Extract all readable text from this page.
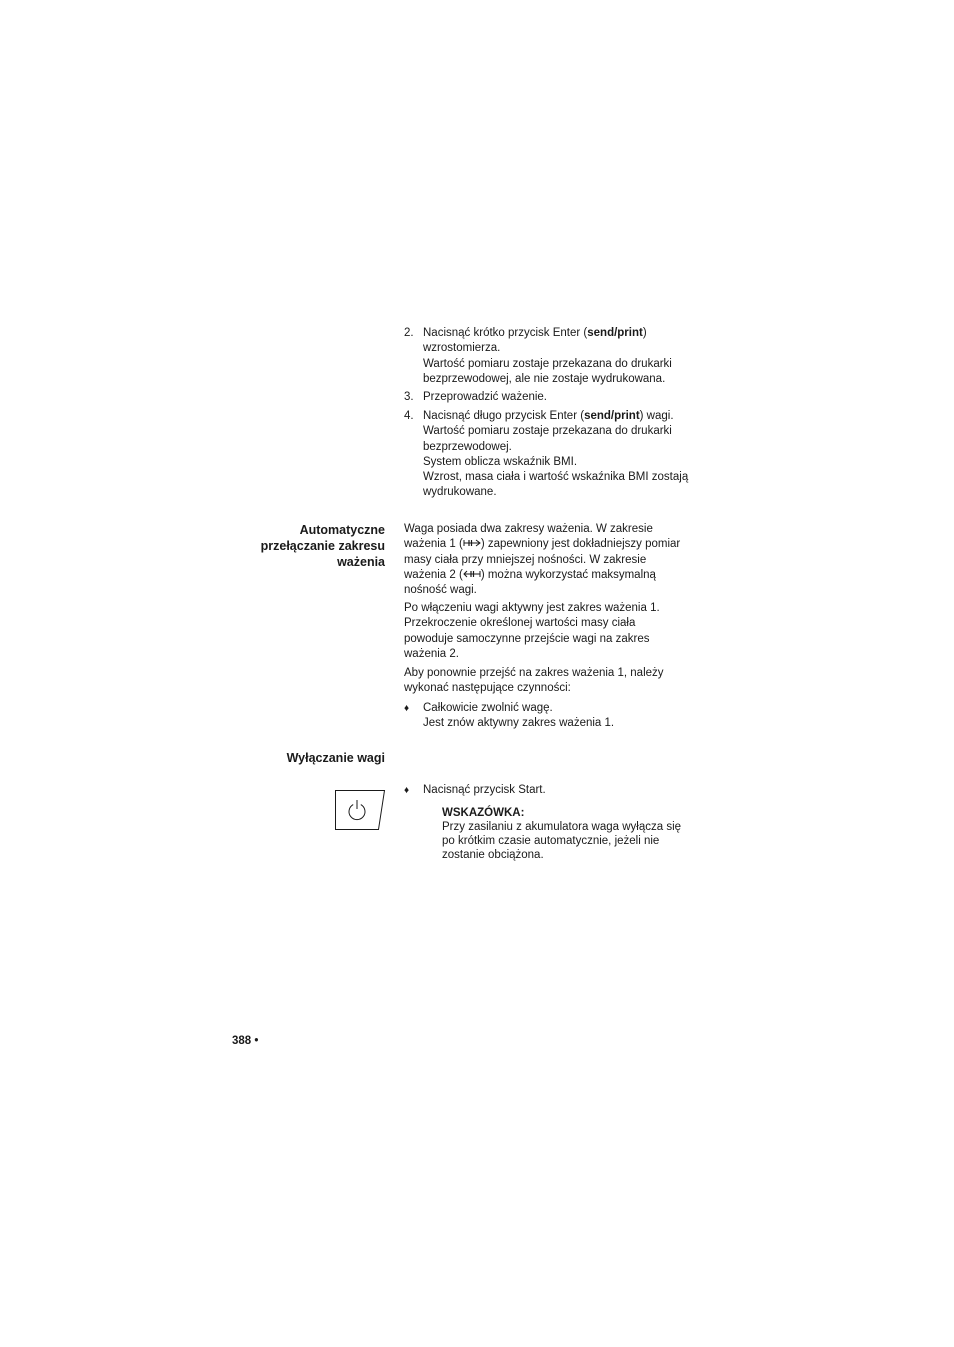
2. Nacisnąć krótko przycisk Enter (send/print)
wzrostomierza.
Wartość pomiaru zostaje przekazana do drukarki bezprzewodowej, ale nie zostaje wydrukowana.
3. Przeprowadzić ważenie.
4. Nacisnąć długo przycisk Enter (send/print) wagi.
Wartość pomiaru zostaje przekazana do drukarki bezprzewodowej.
System oblicza wskaźnik BMI.
Wzrost, masa ciała i wartość wskaźnika BMI zostają wydrukowane.
Automatyczne
przełączanie zakresu
ważenia
Waga posiada dwa zakresy ważenia. W zakresie
ważenia 1 ( ) zapewniony jest dokładniejszy pomiar
masy ciała przy mniejszej nośności. W zakresie
ważenia 2 ( ) można wykorzystać maksymalną
nośność wagi.
Po włączeniu wagi aktywny jest zakres ważenia 1. Przekroczenie określonej wartości masy ciała powoduje samoczynne przejście wagi na zakres ważenia 2.
Aby ponownie przejść na zakres ważenia 1, należy wykonać następujące czynności:
♦ Całkowicie zwolnić wagę.
Jest znów aktywny zakres ważenia 1.
Wyłączanie wagi
♦ Nacisnąć przycisk Start.
WSKAZÓWKA:
Przy zasilaniu z akumulatora waga wyłącza się po krótkim czasie automatycznie, jeżeli nie zostanie obciążona.
388 •
